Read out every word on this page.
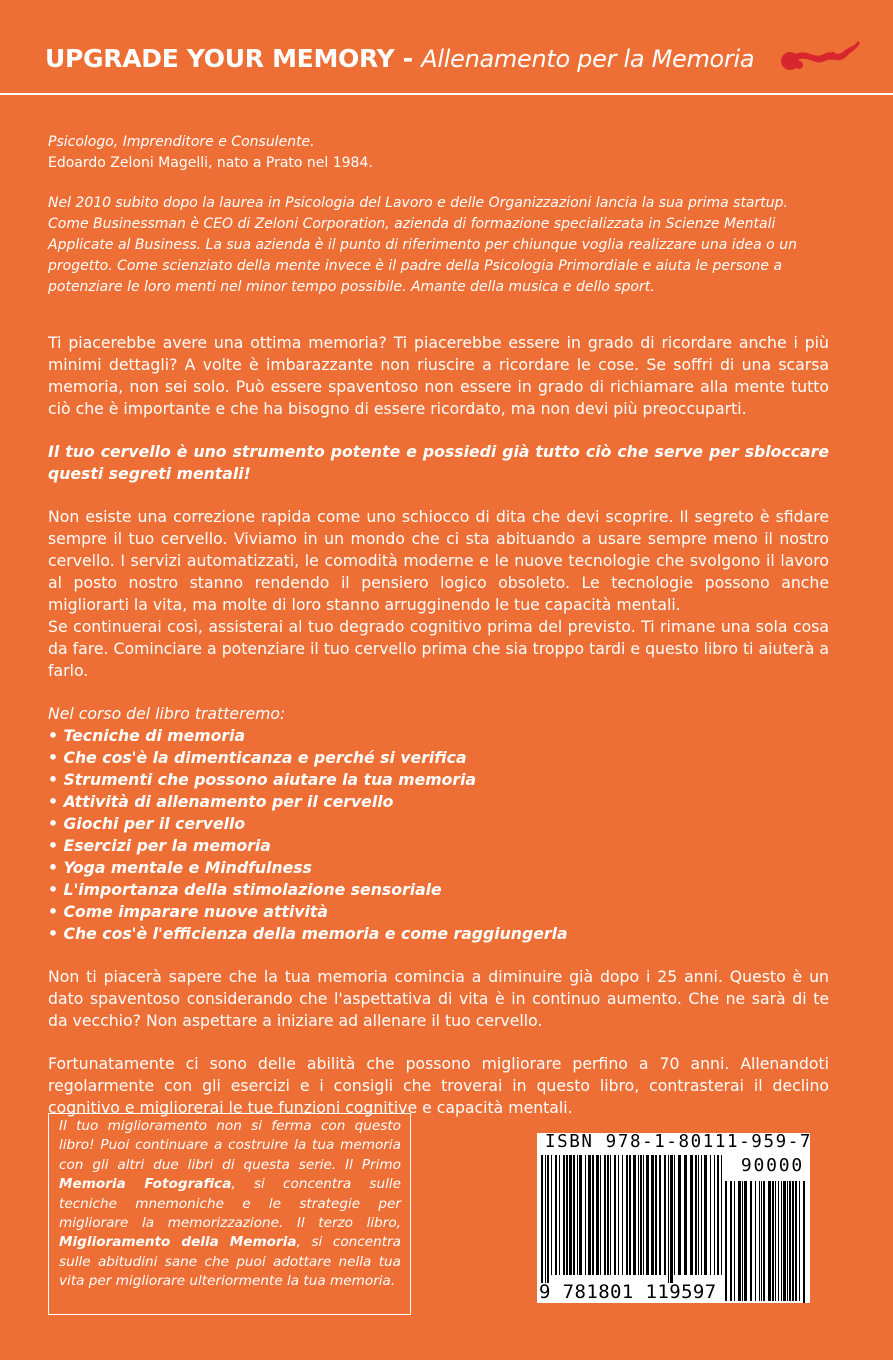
UPGRADE YOUR MEMORY - Allenamento per la Memoria

Psicologo, Imprenditore e Consulente.

Edoardo Zeloni Magelli, nato a Prato nel 1984.

Nel 2010 subito dopo la laurea in Psicologia del Lavoro e delle Organizzazioni lancia la sua prima startup. Come Businessman è CEO di Zeloni Corporation, azienda di formazione specializzata in Scienze Mentali Applicate al Business. La sua azienda è il punto di riferimento per chiunque voglia realizzare una idea o un progetto. Come scienziato della mente invece è il padre della Psicologia Primordiale e aiuta le persone a potenziare le loro menti nel minor tempo possibile. Amante della musica e dello sport.

Ti piacerebbe avere una ottima memoria? Ti piacerebbe essere in grado di ricordare anche i più minimi dettagli? A volte è imbarazzante non riuscire a ricordare le cose. Se soffri di una scarsa memoria, non sei solo. Può essere spaventoso non essere in grado di richiamare alla mente tutto ciò che è importante e che ha bisogno di essere ricordato, ma non devi più preoccuparti.

Il tuo cervello è uno strumento potente e possiedi già tutto ciò che serve per sbloccare questi segreti mentali!

Non esiste una correzione rapida come uno schiocco di dita che devi scoprire. Il segreto è sfidare sempre il tuo cervello. Viviamo in un mondo che ci sta abituando a usare sempre meno il nostro cervello. I servizi automatizzati, le comodità moderne e le nuove tecnologie che svolgono il lavoro al posto nostro stanno rendendo il pensiero logico obsoleto. Le tecnologie possono anche migliorarti la vita, ma molte di loro stanno arrugginendo le tue capacità mentali.

Se continuerai così, assisterai al tuo degrado cognitivo prima del previsto. Ti rimane una sola cosa da fare. Cominciare a potenziare il tuo cervello prima che sia troppo tardi e questo libro ti aiuterà a farlo.

Nel corso del libro tratteremo:

• Tecniche di memoria
• Che cos'è la dimenticanza e perché si verifica
• Strumenti che possono aiutare la tua memoria
• Attività di allenamento per il cervello
• Giochi per il cervello
• Esercizi per la memoria
• Yoga mentale e Mindfulness
• L'importanza della stimolazione sensoriale
• Come imparare nuove attività
• Che cos'è l'efficienza della memoria e come raggiungerla

Non ti piacerà sapere che la tua memoria comincia a diminuire già dopo i 25 anni. Questo è un dato spaventoso considerando che l'aspettativa di vita è in continuo aumento. Che ne sarà di te da vecchio? Non aspettare a iniziare ad allenare il tuo cervello.

Fortunatamente ci sono delle abilità che possono migliorare perfino a 70 anni. Allenandoti regolarmente con gli esercizi e i consigli che troverai in questo libro, contrasterai il declino cognitivo e migliorerai le tue funzioni cognitive e capacità mentali.

Il tuo miglioramento non si ferma con questo libro! Puoi continuare a costruire la tua memoria con gli altri due libri di questa serie. Il Primo Memoria Fotografica, si concentra sulle tecniche mnemoniche e le strategie per migliorare la memorizzazione. Il terzo libro, Miglioramento della Memoria, si concentra sulle abitudini sane che puoi adottare nella tua vita per migliorare ulteriormente la tua memoria.
ISBN 978-1-80111-959-7
90000
9 781801 119597
